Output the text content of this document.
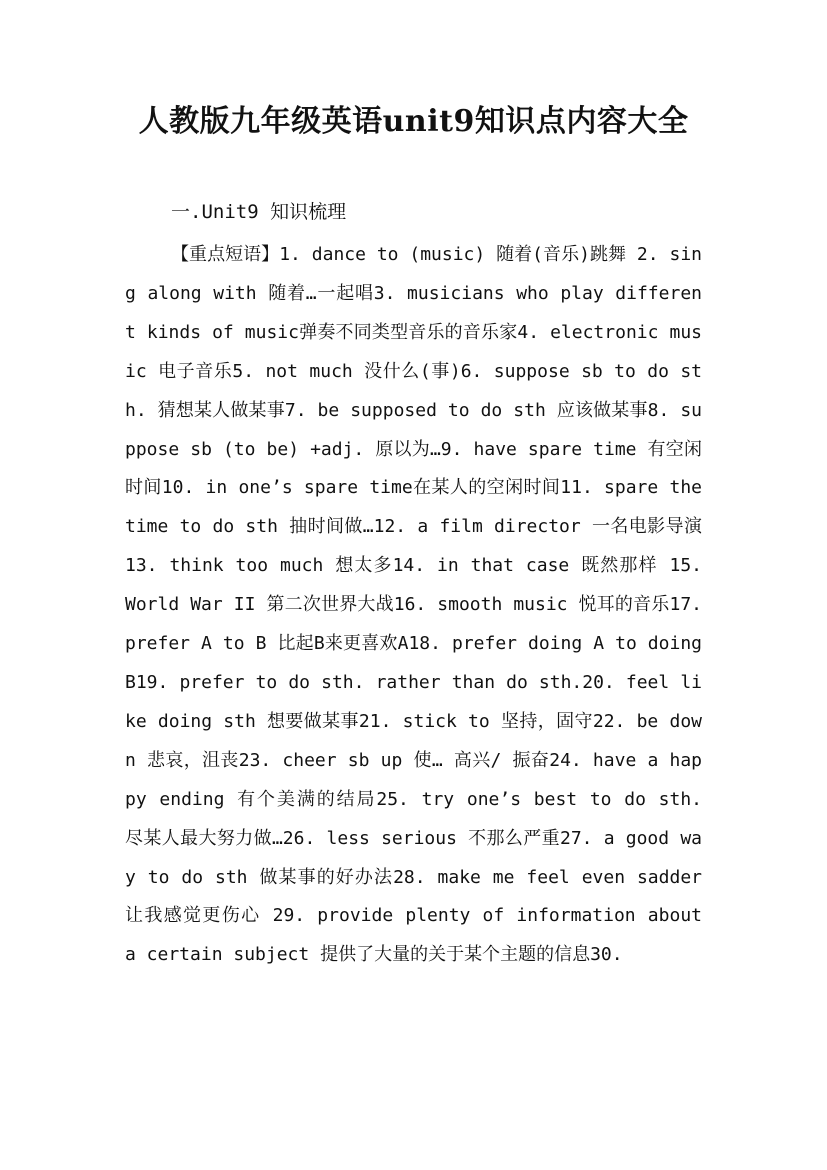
人教版九年级英语unit9知识点内容大全

一.Unit9 知识梳理

【重点短语】1. dance to (music) 随着(音乐)跳舞 2. sing along with 随着…一起唱3. musicians who play different kinds of music弹奏不同类型音乐的音乐家4. electronic music 电子音乐5. not much 没什么(事)6. suppose sb to do sth. 猜想某人做某事7. be supposed to do sth 应该做某事8. suppose sb (to be) +adj. 原以为…9. have spare time 有空闲时间10. in one’s spare time在某人的空闲时间11. spare the time to do sth 抽时间做…12. a film director 一名电影导演13. think too much 想太多14. in that case 既然那样 15. World War II 第二次世界大战16. smooth music 悦耳的音乐17. prefer A to B 比起B来更喜欢A18. prefer doing A to doing B19. prefer to do sth. rather than do sth.20. feel like doing sth 想要做某事21. stick to 坚持，固守22. be down 悲哀，沮丧23. cheer sb up 使… 高兴/ 振奋24. have a happy ending 有个美满的结局25. try one’s best to do sth. 尽某人最大努力做…26. less serious 不那么严重27. a good way to do sth 做某事的好办法28. make me feel even sadder 让我感觉更伤心 29. provide plenty of information about a certain subject 提供了大量的关于某个主题的信息30.
